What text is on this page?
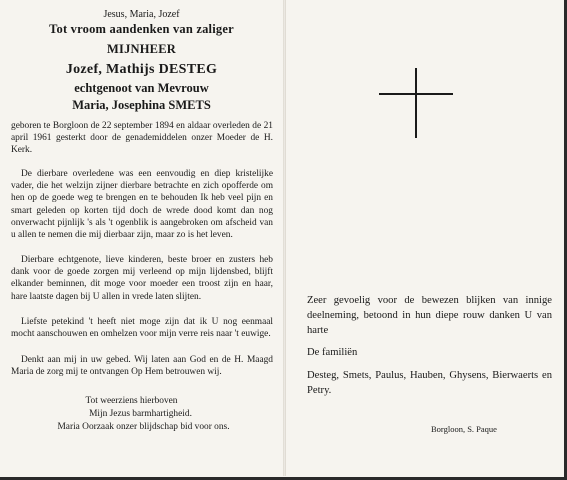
Jesus, Maria, Jozef
Tot vroom aandenken van zaliger
MIJNHEER
Jozef, Mathijs DESTEG
echtgenoot van Mevrouw
Maria, Josephina SMETS
geboren te Borgloon de 22 september 1894 en aldaar overleden de 21 april 1961 gesterkt door de genademiddelen onzer Moeder de H. Kerk.
De dierbare overledene was een eenvoudig en diep kristelijke vader, die het welzijn zijner dierbare betrachte en zich opofferde om hen op de goede weg te brengen en te behouden Ik heb veel pijn en smart geleden op korten tijd doch de wrede dood komt dan nog onverwacht pijnlijk 's als 't ogenblik is aangebroken om afscheid van u allen te nemen die mij dierbaar zijn, maar zo is het leven.
Dierbare echtgenote, lieve kinderen, beste broer en zusters heb dank voor de goede zorgen mij verleend op mijn lijdensbed, blijft elkander beminnen, dit moge voor moeder een troost zijn en haar, hare laatste dagen bij U allen in vrede laten slijten.
Liefste petekind 't heeft niet moge zijn dat ik U nog eenmaal mocht aanschouwen en omhelzen voor mijn verre reis naar 't euwige.
Denkt aan mij in uw gebed. Wij laten aan God en de H. Maagd Maria de zorg mij te ontvangen Op Hem betrouwen wij.
Tot weerziens hierboven
Mijn Jezus barmhartigheid.
Maria Oorzaak onzer blijdschap bid voor ons.
Zeer gevoelig voor de bewezen blijken van innige deelneming, betoond in hun diepe rouw danken U van harte
De familiën
Desteg, Smets, Paulus, Hauben, Ghysens, Bierwaerts en Petry.
Borgloon, S. Paque
